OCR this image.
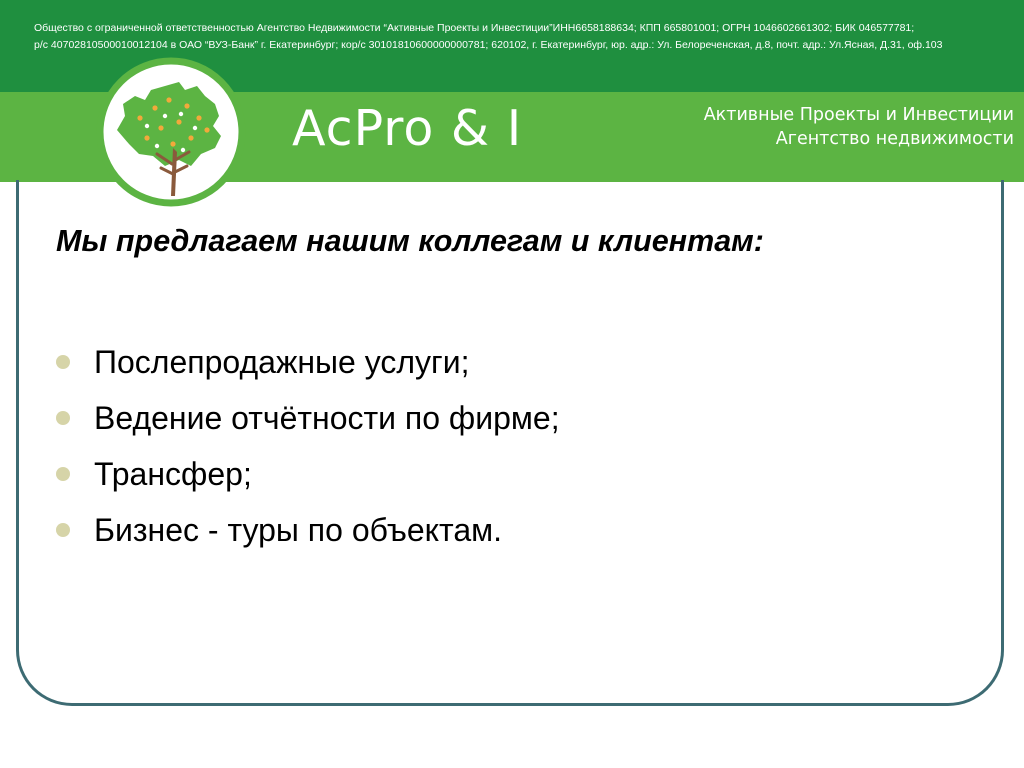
Общество с ограниченной ответственностью Агентство Недвижимости “Активные Проекты и Инвестиции”ИНН6658188634; КПП 665801001; ОГРН 1046602661302; БИК 046577781;
р/с 40702810500010012104 в ОАО “ВУЗ-Банк” г. Екатеринбург; кор/с 30101810600000000781; 620102, г. Екатеринбург, юр. адр.: Ул. Белореченская, д.8, почт. адр.: Ул.Ясная, Д.31, оф.103
AcPro & I	Активные Проекты и Инвестиции
Агентство недвижимости
Мы предлагаем нашим коллегам и клиентам:
Послепродажные услуги;
Ведение отчётности по фирме;
Трансфер;
Бизнес - туры по объектам.
